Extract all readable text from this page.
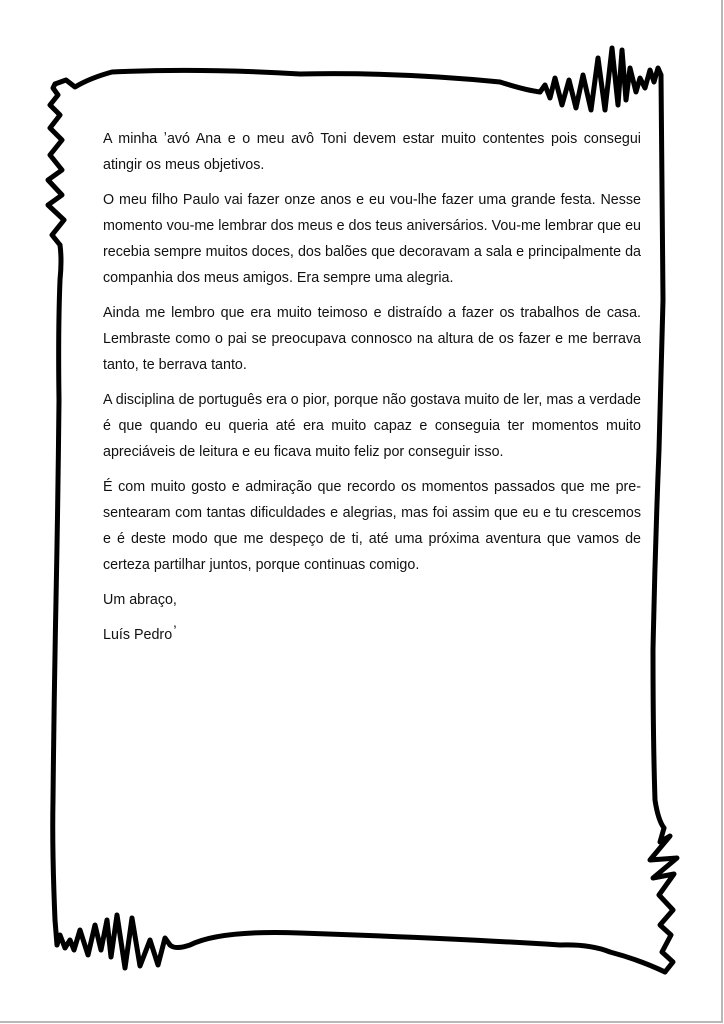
A minha ʼavó Ana e o meu avô Toni devem estar muito contentes pois consegui atingir os meus objetivos.

O meu filho Paulo vai fazer onze anos e eu vou-lhe fazer uma grande festa. Nesse momento vou-me lembrar dos meus e dos teus aniversários. Vou-me lembrar que eu recebia sempre muitos doces, dos balões que decoravam a sala e principalmente da companhia dos meus amigos. Era sempre uma alegria.

Ainda me lembro que era muito teimoso e distraído a fazer os trabalhos de casa. Lembraste como o pai se preocupava connosco na altura de os fazer e me berrava tanto, te berrava tanto.

A disciplina de português era o pior, porque não gostava muito de ler, mas a verdade é que quando eu queria até era muito capaz e conseguia ter momentos muito apreciáveis de leitura e eu ficava muito feliz por conseguir isso.

É com muito gosto e admiração que recordo os momentos passados que me presentearam com tantas dificuldades e alegrias, mas foi assim que eu e tu crescemos e é deste modo que me despeço de ti, até uma próxima aventura que vamos de certeza partilhar juntos, porque continuas comigo.

Um abraço,

Luís Pedro

,
